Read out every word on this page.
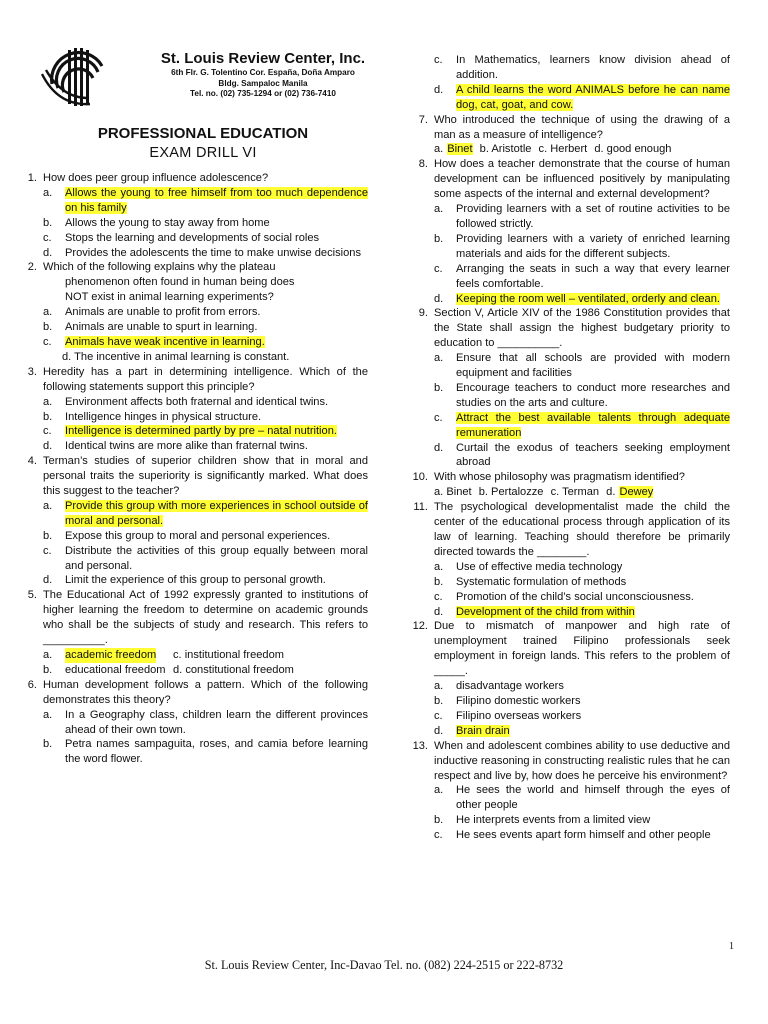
St. Louis Review Center, Inc.
6th Flr. G. Tolentino Cor. España, Doña Amparo
Bldg. Sampaloc Manila
Tel. no. (02) 735-1294 or (02) 736-7410
PROFESSIONAL EDUCATION
EXAM DRILL VI
1. How does peer group influence adolescence?
a.	Allows the young to free himself from too much dependence on his family
b.	Allows the young to stay away from home
c.	Stops the learning and developments of social roles
d.	Provides the adolescents the time to make unwise decisions
2. Which of the following explains why the plateau
phenomenon often found in human being does
NOT exist in animal learning experiments?
a.	Animals are unable to profit from errors.
b.	Animals are unable to spurt in learning.
c.	Animals have weak incentive in learning.
d. The incentive in animal learning is constant.
3. Heredity has a part in determining intelligence. Which of the following statements support this principle?
a.	Environment affects both fraternal and identical twins.
b.	Intelligence hinges in physical structure.
c.	Intelligence is determined partly by pre – natal nutrition.
d.	Identical twins are more alike than fraternal twins.
4. Terman’s studies of superior children show that in moral and personal traits the superiority is significantly marked. What does this suggest to the teacher?
a.	Provide this group with more experiences in school outside of moral and personal.
b.	Expose this group to moral and personal experiences.
c.	Distribute the activities of this group equally between moral and personal.
d.	Limit the experience of this group to personal growth.
5. The Educational Act of 1992 expressly granted to institutions of higher learning the freedom to determine on academic grounds who shall be the subjects of study and research. This refers to __________.
a.	academic freedom c. institutional freedom
b.	educational freedom d. constitutional freedom
6. Human development follows a pattern. Which of the following demonstrates this theory?
a.	In a Geography class, children learn the different provinces ahead of their own town.
b.	Petra names sampaguita, roses, and camia before learning the word flower.
c.	In Mathematics, learners know division ahead of addition.
d.	A child learns the word ANIMALS before he can name dog, cat, goat, and cow.
7. Who introduced the technique of using the drawing of a man as a measure of intelligence?
a. Binet b. Aristotle c. Herbert d. good enough
8. How does a teacher demonstrate that the course of human development can be influenced positively by manipulating some aspects of the internal and external development?
a.	Providing learners with a set of routine activities to be followed strictly.
b.	Providing learners with a variety of enriched learning materials and aids for the different subjects.
c.	Arranging the seats in such a way that every learner feels comfortable.
d.	Keeping the room well – ventilated, orderly and clean.
9. Section V, Article XIV of the 1986 Constitution provides that the State shall assign the highest budgetary priority to education to __________.
a.	Ensure that all schools are provided with modern equipment and facilities
b.	Encourage teachers to conduct more researches and studies on the arts and culture.
c.	Attract the best available talents through adequate remuneration
d.	Curtail the exodus of teachers seeking employment abroad
10. With whose philosophy was pragmatism identified?
a. Binet b. Pertalozze c. Terman d. Dewey
11. The psychological developmentalist made the child the center of the educational process through application of its law of learning. Teaching should therefore be primarily directed towards the ________.
a.	Use of effective media technology
b.	Systematic formulation of methods
c.	Promotion of the child’s social unconsciousness.
d.	Development of the child from within
12. Due to mismatch of manpower and high rate of unemployment trained Filipino professionals seek employment in foreign lands. This refers to the problem of _____.
a.	disadvantage workers
b.	Filipino domestic workers
c.	Filipino overseas workers
d.	Brain drain
13. When and adolescent combines ability to use deductive and inductive reasoning in constructing realistic rules that he can respect and live by, how does he perceive his environment?
a.	He sees the world and himself through the eyes of other people
b.	He interprets events from a limited view
c.	He sees events apart form himself and other people
1
St. Louis Review Center, Inc-Davao Tel. no. (082) 224-2515 or 222-8732
